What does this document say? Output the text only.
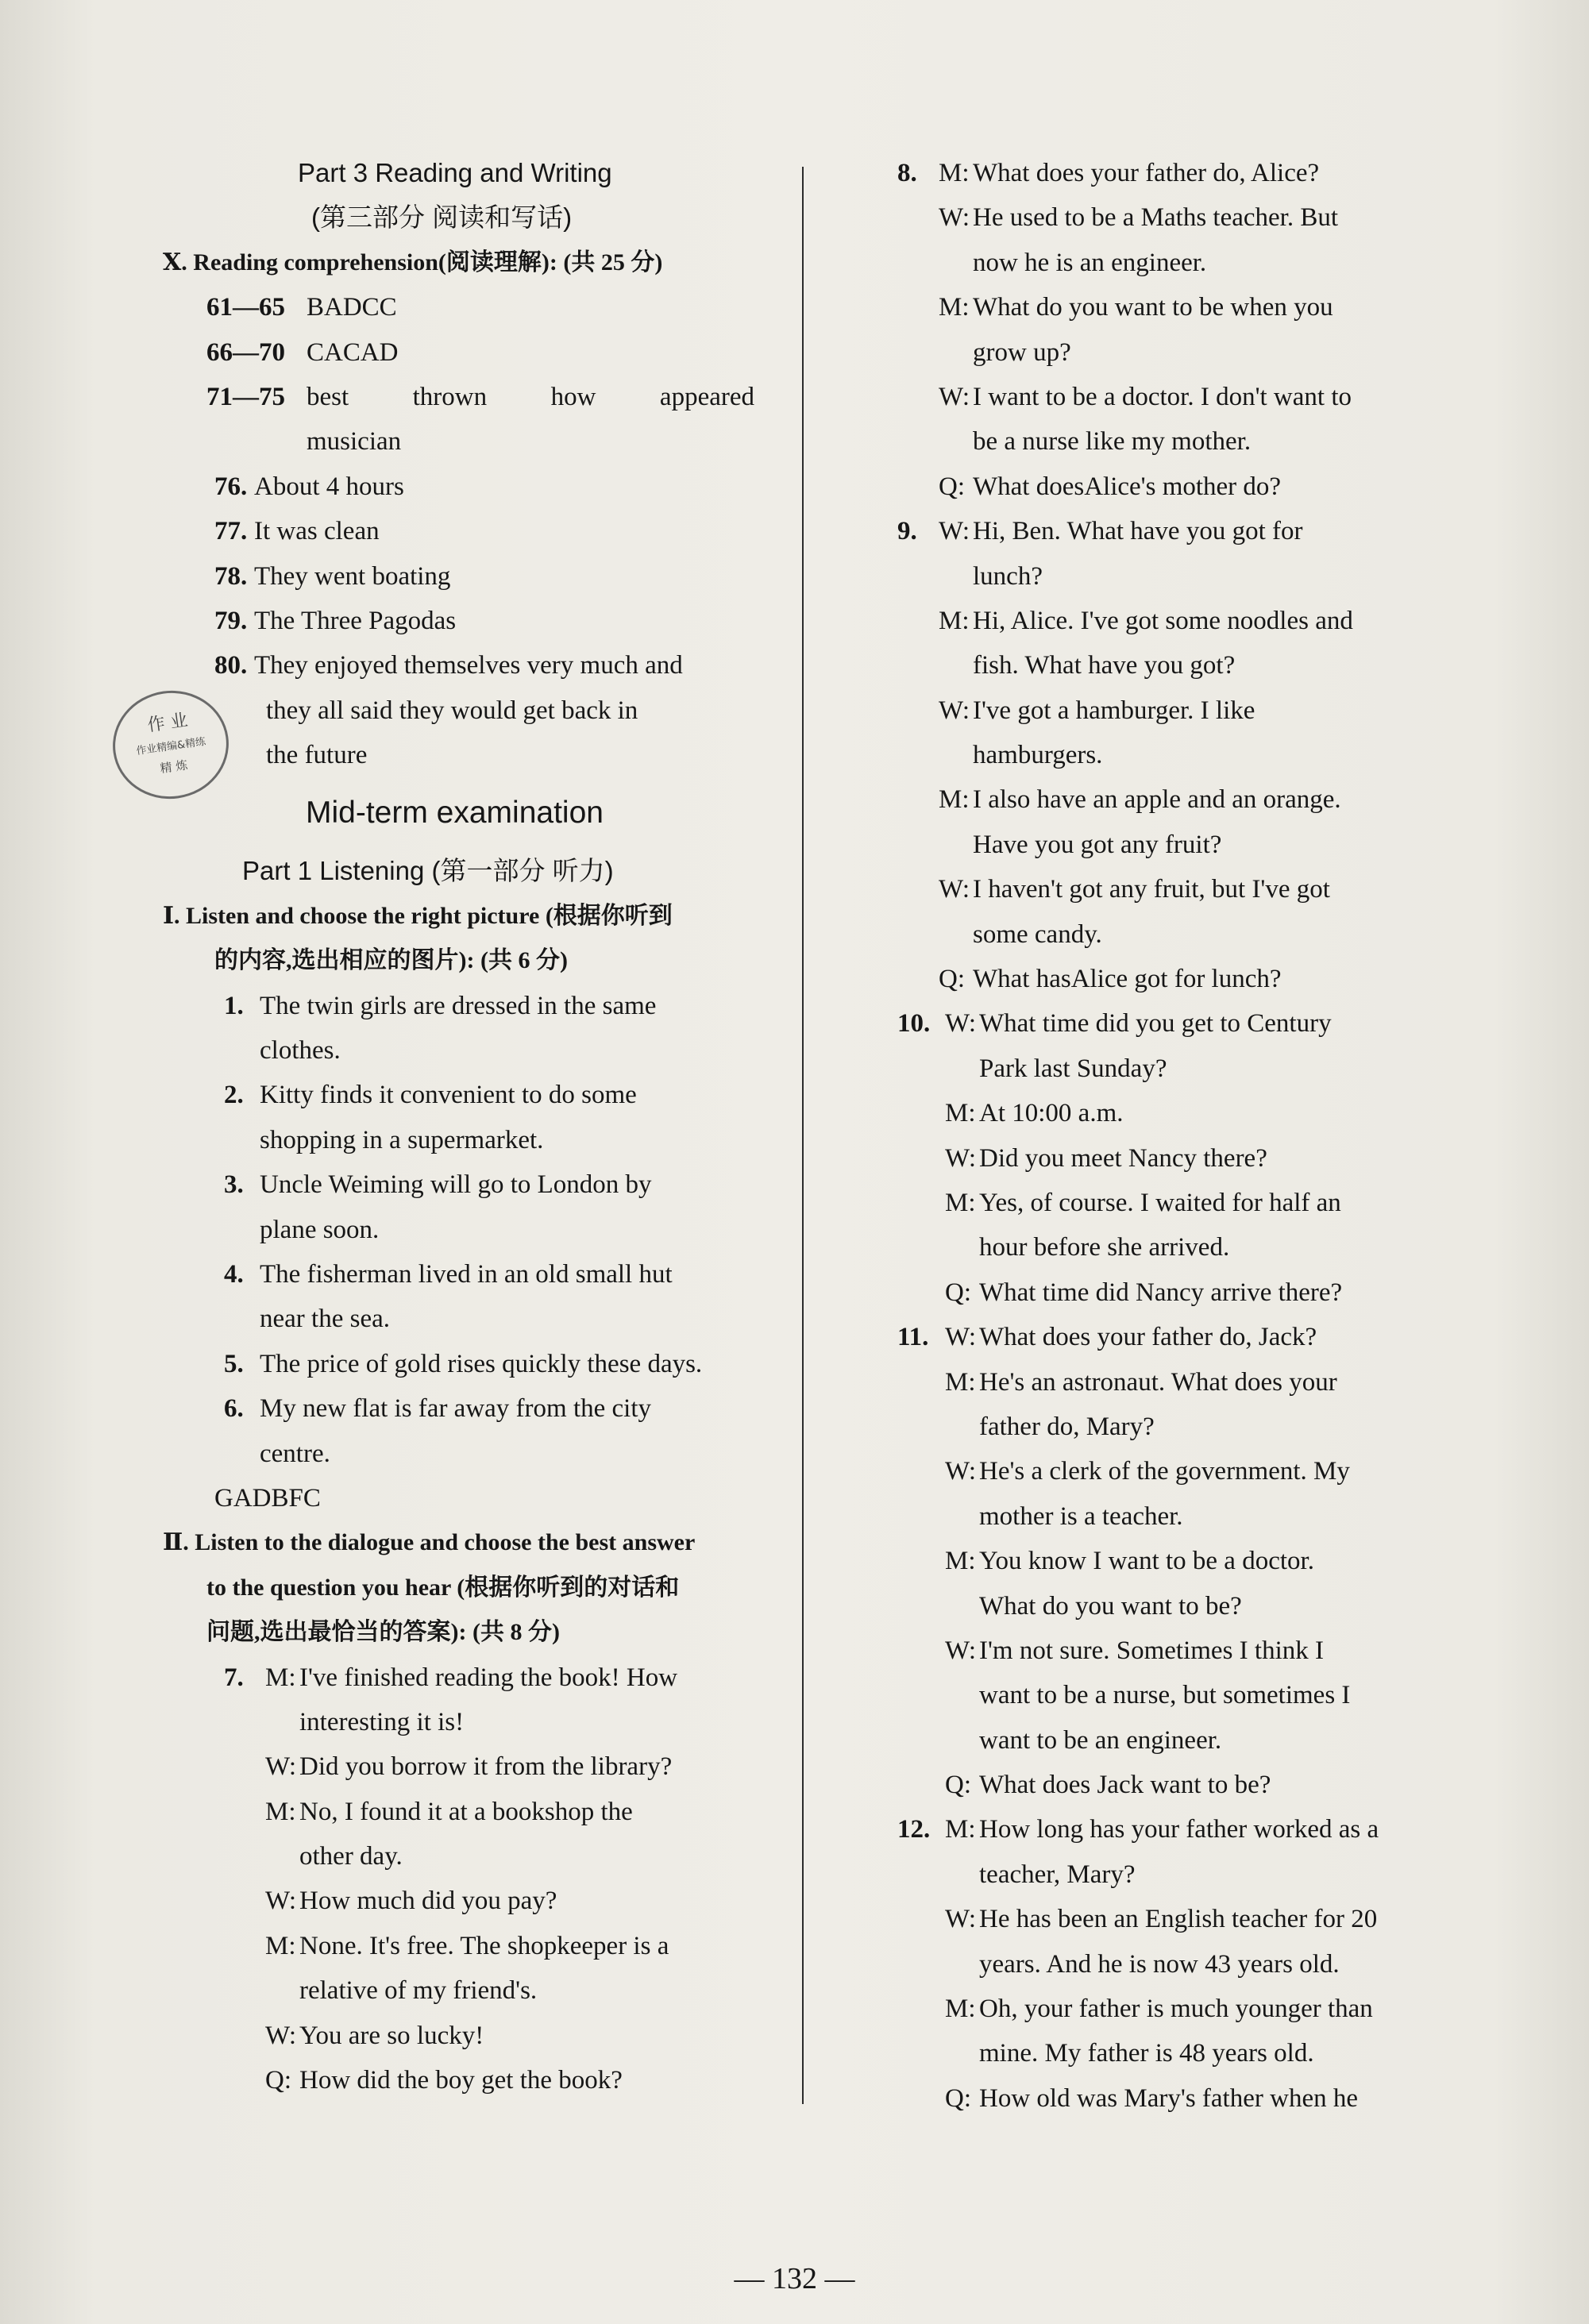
Part 3 Reading and Writing
(第三部分 阅读和写话)
Ⅹ. Reading comprehension(阅读理解): (共 25 分)
61—65 BADCC
66—70 CACAD
71—75 best thrown how appeared
musician
76. About 4 hours
77. It was clean
78. They went boating
79. The Three Pagodas
80. They enjoyed themselves very much and
they all said they would get back in
the future
Mid-term examination
Part 1 Listening (第一部分 听力)
Ⅰ. Listen and choose the right picture (根据你听到
的内容,选出相应的图片): (共 6 分)
1. The twin girls are dressed in the same
clothes.
2. Kitty finds it convenient to do some
shopping in a supermarket.
3. Uncle Weiming will go to London by
plane soon.
4. The fisherman lived in an old small hut
near the sea.
5. The price of gold rises quickly these days.
6. My new flat is far away from the city
centre.
GADBFC
Ⅱ. Listen to the dialogue and choose the best answer
to the question you hear (根据你听到的对话和
问题,选出最恰当的答案): (共 8 分)
7. M: I've finished reading the book! How
interesting it is!
W: Did you borrow it from the library?
M: No, I found it at a bookshop the
other day.
W: How much did you pay?
M: None. It's free. The shopkeeper is a
relative of my friend's.
W: You are so lucky!
Q: How did the boy get the book?
作 业
作业精编&精练
精 炼
8. M: What does your father do, Alice?
W: He used to be a Maths teacher. But
now he is an engineer.
M: What do you want to be when you
grow up?
W: I want to be a doctor. I don't want to
be a nurse like my mother.
Q: What doesAlice's mother do?
9. W: Hi, Ben. What have you got for
lunch?
M: Hi, Alice. I've got some noodles and
fish. What have you got?
W: I've got a hamburger. I like
hamburgers.
M: I also have an apple and an orange.
Have you got any fruit?
W: I haven't got any fruit, but I've got
some candy.
Q: What hasAlice got for lunch?
10. W: What time did you get to Century
Park last Sunday?
M: At 10:00 a.m.
W: Did you meet Nancy there?
M: Yes, of course. I waited for half an
hour before she arrived.
Q: What time did Nancy arrive there?
11. W: What does your father do, Jack?
M: He's an astronaut. What does your
father do, Mary?
W: He's a clerk of the government. My
mother is a teacher.
M: You know I want to be a doctor.
What do you want to be?
W: I'm not sure. Sometimes I think I
want to be a nurse, but sometimes I
want to be an engineer.
Q: What does Jack want to be?
12. M: How long has your father worked as a
teacher, Mary?
W: He has been an English teacher for 20
years. And he is now 43 years old.
M: Oh, your father is much younger than
mine. My father is 48 years old.
Q: How old was Mary's father when he
— 132 —
